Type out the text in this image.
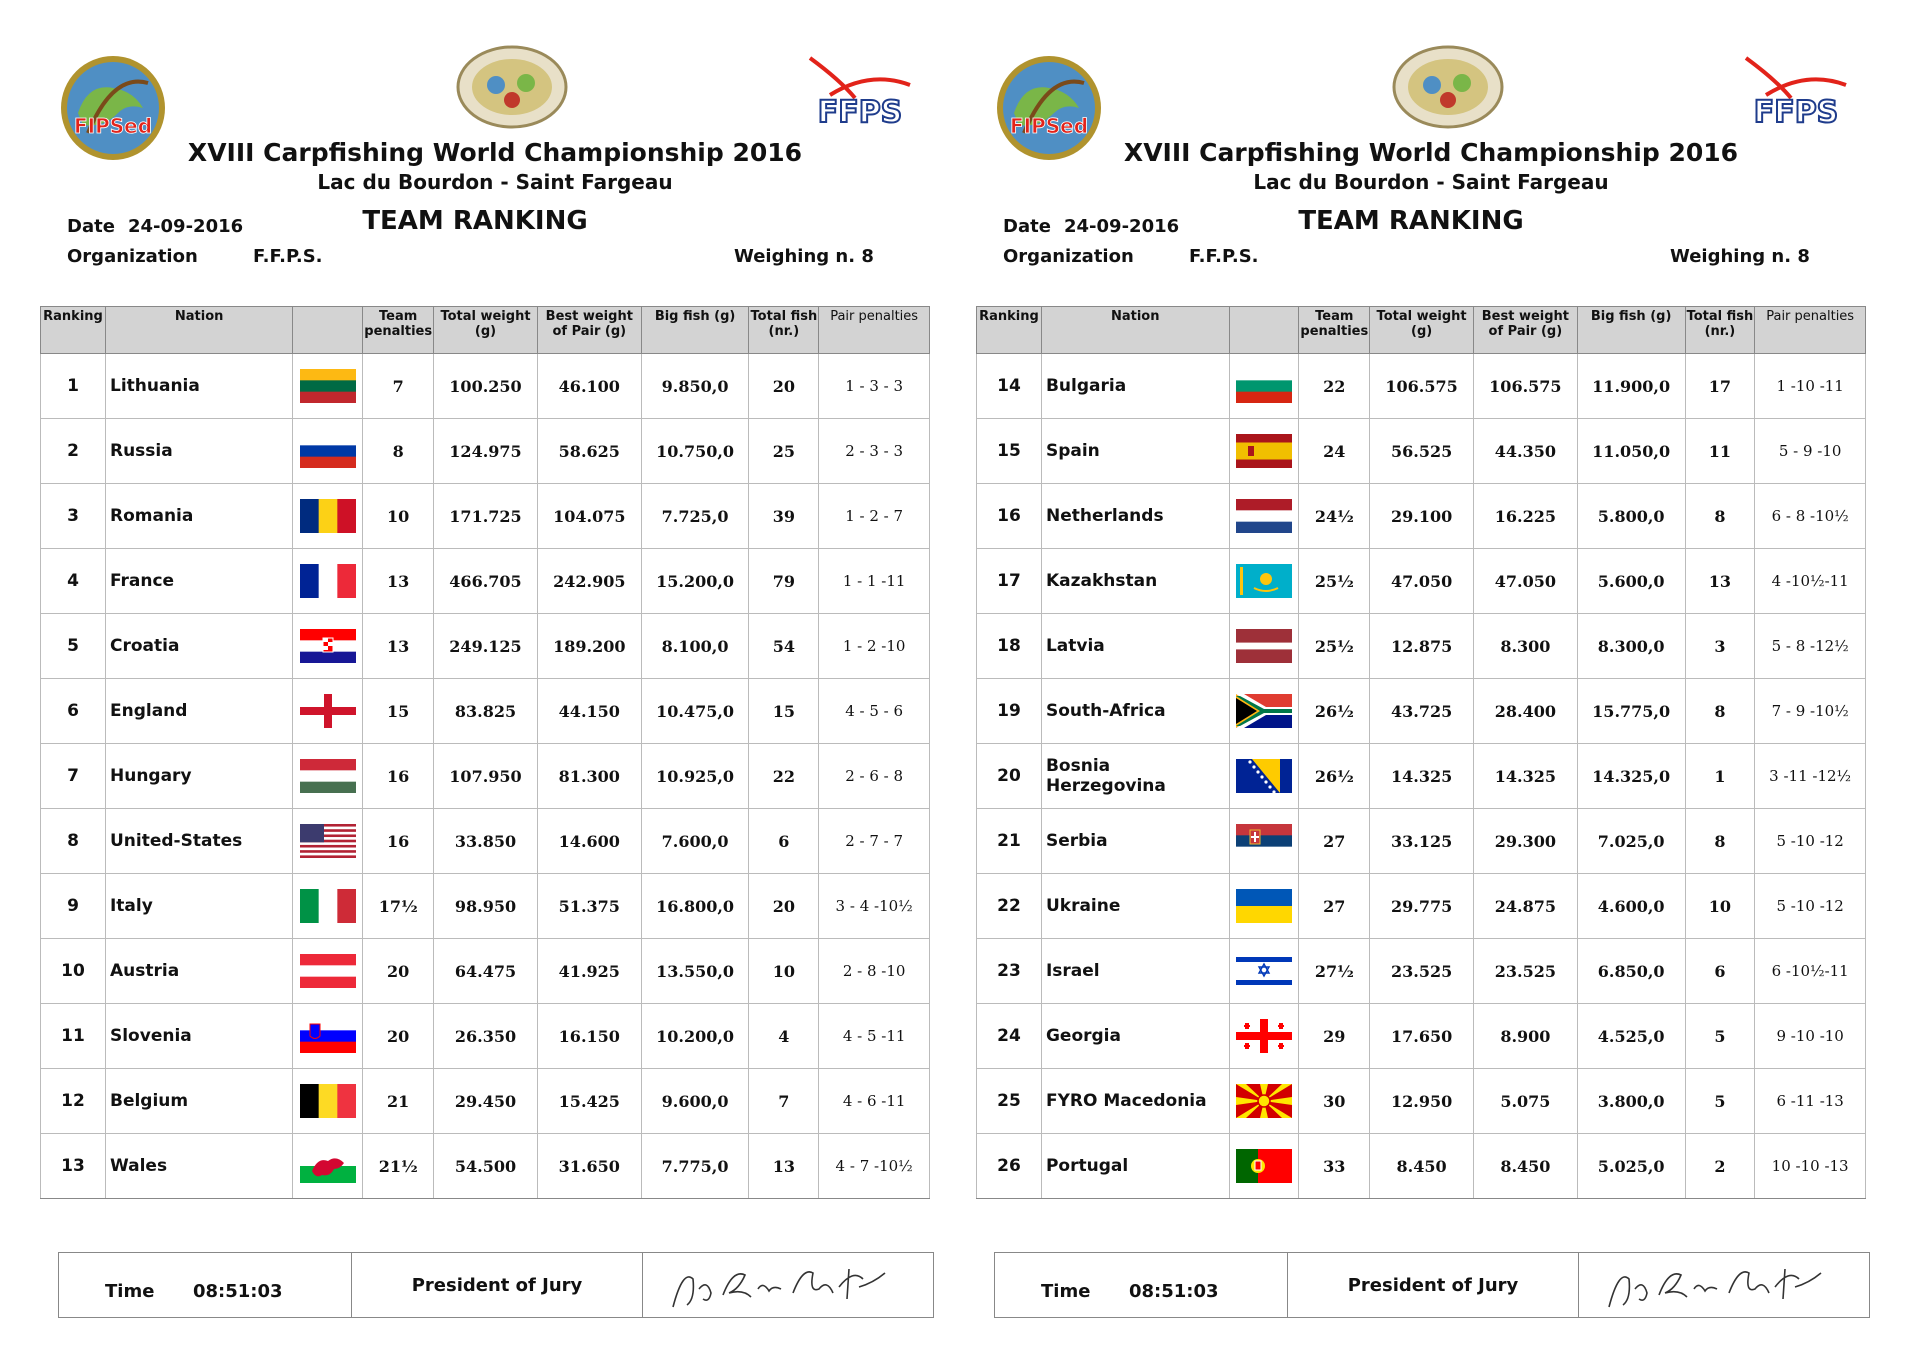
FIPSed	FFPS
XVIII Carpfishing World Championship 2016
Lac du Bourdon - Saint Fargeau
TEAM RANKING
Date 24-09-2016
Organization	F.F.P.S.	Weighing n. 8
Ranking	Nation		Team penalties	Total weight (g)	Best weight of Pair (g)	Big fish (g)	Total fish (nr.)	Pair penalties
1	Lithuania		7	100.250	46.100	9.850,0	20	1 - 3 - 3
2	Russia		8	124.975	58.625	10.750,0	25	2 - 3 - 3
3	Romania		10	171.725	104.075	7.725,0	39	1 - 2 - 7
4	France		13	466.705	242.905	15.200,0	79	1 - 1 -11
5	Croatia		13	249.125	189.200	8.100,0	54	1 - 2 -10
6	England		15	83.825	44.150	10.475,0	15	4 - 5 - 6
7	Hungary		16	107.950	81.300	10.925,0	22	2 - 6 - 8
8	United-States		16	33.850	14.600	7.600,0	6	2 - 7 - 7
9	Italy		17½	98.950	51.375	16.800,0	20	3 - 4 -10½
10	Austria		20	64.475	41.925	13.550,0	10	2 - 8 -10
11	Slovenia		20	26.350	16.150	10.200,0	4	4 - 5 -11
12	Belgium		21	29.450	15.425	9.600,0	7	4 - 6 -11
13	Wales		21½	54.500	31.650	7.775,0	13	4 - 7 -10½
Time 08:51:03	President of Jury
FIPSed	FFPS
XVIII Carpfishing World Championship 2016
Lac du Bourdon - Saint Fargeau
TEAM RANKING
Date 24-09-2016
Organization	F.F.P.S.	Weighing n. 8
Ranking	Nation		Team penalties	Total weight (g)	Best weight of Pair (g)	Big fish (g)	Total fish (nr.)	Pair penalties
14	Bulgaria		22	106.575	106.575	11.900,0	17	1 -10 -11
15	Spain		24	56.525	44.350	11.050,0	11	5 - 9 -10
16	Netherlands		24½	29.100	16.225	5.800,0	8	6 - 8 -10½
17	Kazakhstan		25½	47.050	47.050	5.600,0	13	4 -10½-11
18	Latvia		25½	12.875	8.300	8.300,0	3	5 - 8 -12½
19	South-Africa		26½	43.725	28.400	15.775,0	8	7 - 9 -10½
20	Bosnia Herzegovina		26½	14.325	14.325	14.325,0	1	3 -11 -12½
21	Serbia		27	33.125	29.300	7.025,0	8	5 -10 -12
22	Ukraine		27	29.775	24.875	4.600,0	10	5 -10 -12
23	Israel		27½	23.525	23.525	6.850,0	6	6 -10½-11
24	Georgia		29	17.650	8.900	4.525,0	5	9 -10 -10
25	FYRO Macedonia		30	12.950	5.075	3.800,0	5	6 -11 -13
26	Portugal		33	8.450	8.450	5.025,0	2	10 -10 -13
Time 08:51:03	President of Jury
